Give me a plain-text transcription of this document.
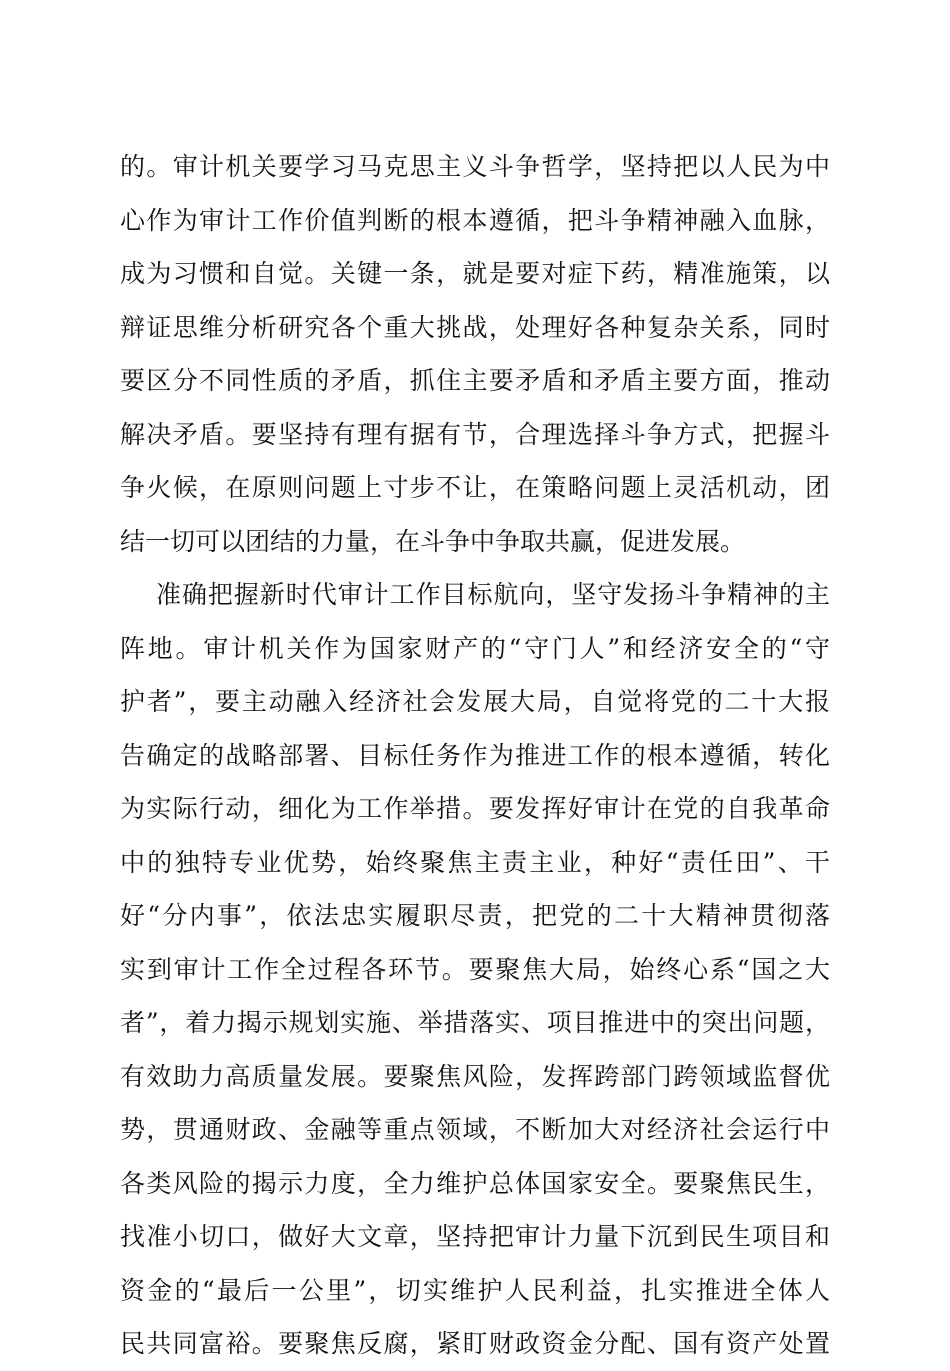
的。审计机关要学习马克思主义斗争哲学，坚持把以人民为中
心作为审计工作价值判断的根本遵循，把斗争精神融入血脉，
成为习惯和自觉。关键一条，就是要对症下药，精准施策，以
辩证思维分析研究各个重大挑战，处理好各种复杂关系，同时
要区分不同性质的矛盾，抓住主要矛盾和矛盾主要方面，推动
解决矛盾。要坚持有理有据有节，合理选择斗争方式，把握斗
争火候，在原则问题上寸步不让，在策略问题上灵活机动，团
结一切可以团结的力量，在斗争中争取共赢，促进发展。
准确把握新时代审计工作目标航向，坚守发扬斗争精神的主
阵地。审计机关作为国家财产的“守门人”和经济安全的“守
护者”，要主动融入经济社会发展大局，自觉将党的二十大报
告确定的战略部署、目标任务作为推进工作的根本遵循，转化
为实际行动，细化为工作举措。要发挥好审计在党的自我革命
中的独特专业优势，始终聚焦主责主业，种好“责任田”、干
好“分内事”，依法忠实履职尽责，把党的二十大精神贯彻落
实到审计工作全过程各环节。要聚焦大局，始终心系“国之大
者”，着力揭示规划实施、举措落实、项目推进中的突出问题，
有效助力高质量发展。要聚焦风险，发挥跨部门跨领域监督优
势，贯通财政、金融等重点领域，不断加大对经济社会运行中
各类风险的揭示力度，全力维护总体国家安全。要聚焦民生，
找准小切口，做好大文章，坚持把审计力量下沉到民生项目和
资金的“最后一公里”，切实维护人民利益，扎实推进全体人
民共同富裕。要聚焦反腐，紧盯财政资金分配、国有资产处置
